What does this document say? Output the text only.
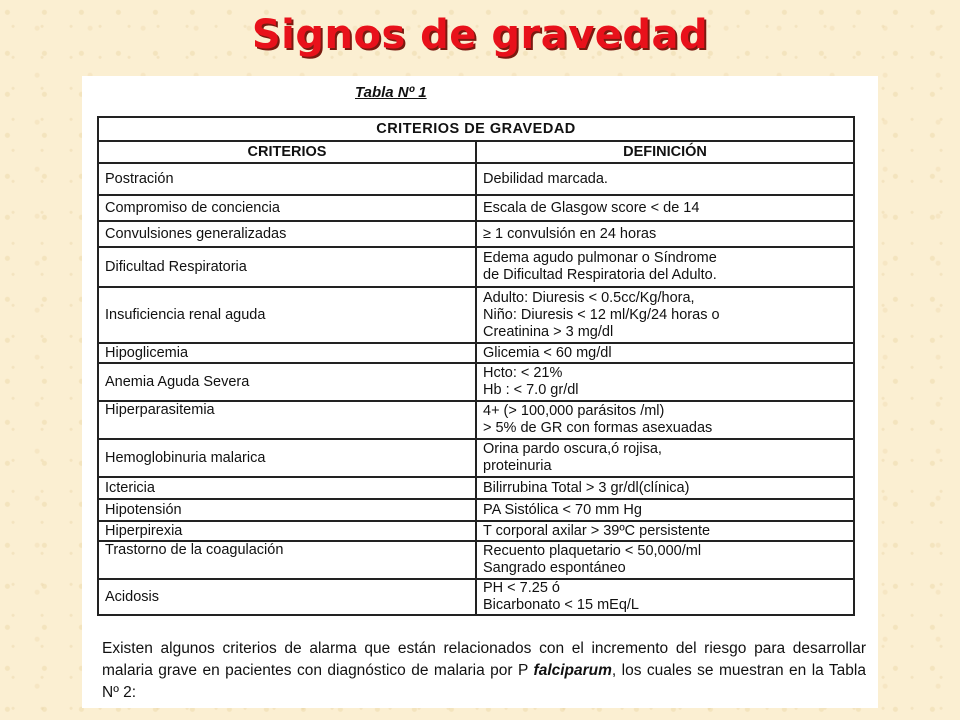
Signos de gravedad
Tabla Nº 1
CRITERIOS DE GRAVEDAD	
CRITERIOS	DEFINICIÓN
Postración	Debilidad marcada.
Compromiso de conciencia	Escala de Glasgow score < de 14
Convulsiones generalizadas	≥ 1 convulsión en 24 horas
Dificultad Respiratoria	Edema agudo pulmonar o Síndrome
de Dificultad Respiratoria del Adulto.
Insuficiencia renal aguda	Adulto: Diuresis < 0.5cc/Kg/hora,
Niño: Diuresis < 12 ml/Kg/24 horas o
Creatinina > 3 mg/dl
Hipoglicemia	Glicemia < 60 mg/dl
Anemia Aguda Severa	Hcto: < 21%
Hb : < 7.0 gr/dl
Hiperparasitemia	4+ (> 100,000 parásitos /ml)
> 5% de GR con formas asexuadas
Hemoglobinuria malarica	Orina pardo oscura,ó rojisa,
proteinuria
Ictericia	Bilirrubina Total > 3 gr/dl(clínica)
Hipotensión	PA Sistólica < 70 mm Hg
Hiperpirexia	T corporal axilar > 39ºC persistente
Trastorno de la coagulación	Recuento plaquetario < 50,000/ml
Sangrado espontáneo
Acidosis	PH < 7.25 ó
Bicarbonato < 15 mEq/L
Existen algunos criterios de alarma que están relacionados con el incremento del riesgo para desarrollar malaria grave en pacientes con diagnóstico de malaria por P falciparum, los cuales se muestran en la Tabla Nº 2:
